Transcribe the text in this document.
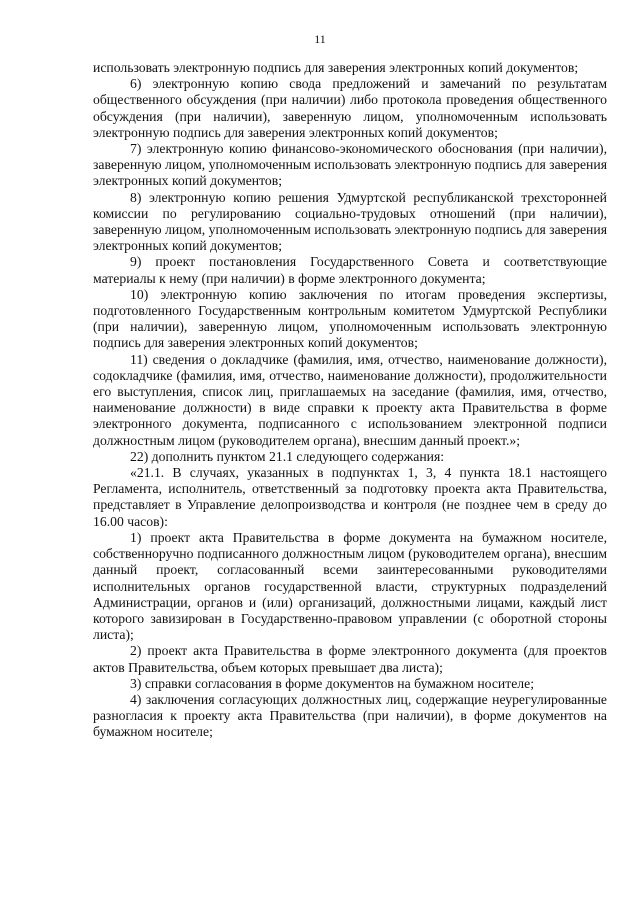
11

использовать электронную подпись для заверения электронных копий документов;

6) электронную копию свода предложений и замечаний по результатам общественного обсуждения (при наличии) либо протокола проведения общественного обсуждения (при наличии), заверенную лицом, уполномоченным использовать электронную подпись для заверения электронных копий документов;

7) электронную копию финансово-экономического обоснования (при наличии), заверенную лицом, уполномоченным использовать электронную подпись для заверения электронных копий документов;

8) электронную копию решения Удмуртской республиканской трехсторонней комиссии по регулированию социально-трудовых отношений (при наличии), заверенную лицом, уполномоченным использовать электронную подпись для заверения электронных копий документов;

9) проект постановления Государственного Совета и соответствующие материалы к нему (при наличии) в форме электронного документа;

10) электронную копию заключения по итогам проведения экспертизы, подготовленного Государственным контрольным комитетом Удмуртской Республики (при наличии), заверенную лицом, уполномоченным использовать электронную подпись для заверения электронных копий документов;

11) сведения о докладчике (фамилия, имя, отчество, наименование должности), содокладчике (фамилия, имя, отчество, наименование должности), продолжительности его выступления, список лиц, приглашаемых на заседание (фамилия, имя, отчество, наименование должности) в виде справки к проекту акта Правительства в форме электронного документа, подписанного с использованием электронной подписи должностным лицом (руководителем органа), внесшим данный проект.»;

22) дополнить пунктом 21.1 следующего содержания:

«21.1. В случаях, указанных в подпунктах 1, 3, 4 пункта 18.1 настоящего Регламента, исполнитель, ответственный за подготовку проекта акта Правительства, представляет в Управление делопроизводства и контроля (не позднее чем в среду до 16.00 часов):

1) проект акта Правительства в форме документа на бумажном носителе, собственноручно подписанного должностным лицом (руководителем органа), внесшим данный проект, согласованный всеми заинтересованными руководителями исполнительных органов государственной власти, структурных подразделений Администрации, органов и (или) организаций, должностными лицами, каждый лист которого завизирован в Государственно-правовом управлении (с оборотной стороны листа);

2) проект акта Правительства в форме электронного документа (для проектов актов Правительства, объем которых превышает два листа);

3) справки согласования в форме документов на бумажном носителе;

4) заключения согласующих должностных лиц, содержащие неурегулированные разногласия к проекту акта Правительства (при наличии), в форме документов на бумажном носителе;
